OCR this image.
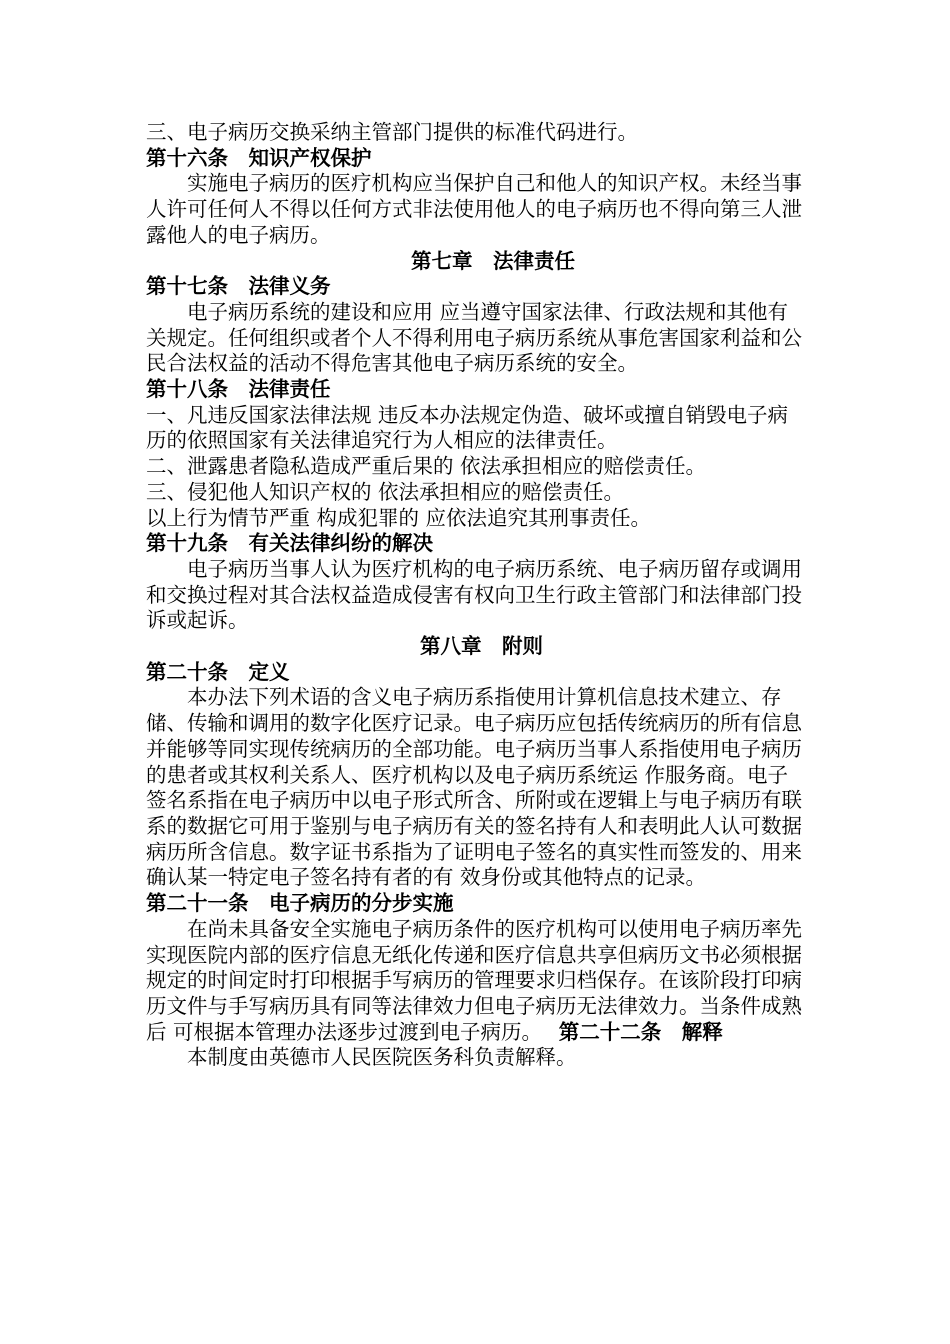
三、电子病历交换采纳主管部门提供的标准代码进行。

第十六条　知识产权保护

实施电子病历的医疗机构应当保护自己和他人的知识产权。未经当事人许可任何人不得以任何方式非法使用他人的电子病历也不得向第三人泄露他人的电子病历。

第七章　法律责任

第十七条　法律义务

电子病历系统的建设和应用 应当遵守国家法律、行政法规和其他有关规定。任何组织或者个人不得利用电子病历系统从事危害国家利益和公民合法权益的活动不得危害其他电子病历系统的安全。

第十八条　法律责任

一、凡违反国家法律法规 违反本办法规定伪造、破坏或擅自销毁电子病历的依照国家有关法律追究行为人相应的法律责任。

二、泄露患者隐私造成严重后果的 依法承担相应的赔偿责任。

三、侵犯他人知识产权的 依法承担相应的赔偿责任。

以上行为情节严重 构成犯罪的 应依法追究其刑事责任。

第十九条　有关法律纠纷的解决

电子病历当事人认为医疗机构的电子病历系统、电子病历留存或调用和交换过程对其合法权益造成侵害有权向卫生行政主管部门和法律部门投诉或起诉。

第八章　附则

第二十条　定义

本办法下列术语的含义电子病历系指使用计算机信息技术建立、存储、传输和调用的数字化医疗记录。电子病历应包括传统病历的所有信息并能够等同实现传统病历的全部功能。电子病历当事人系指使用电子病历的患者或其权利关系人、医疗机构以及电子病历系统运 作服务商。电子签名系指在电子病历中以电子形式所含、所附或在逻辑上与电子病历有联系的数据它可用于鉴别与电子病历有关的签名持有人和表明此人认可数据病历所含信息。数字证书系指为了证明电子签名的真实性而签发的、用来确认某一特定电子签名持有者的有 效身份或其他特点的记录。

第二十一条　电子病历的分步实施

在尚未具备安全实施电子病历条件的医疗机构可以使用电子病历率先实现医院内部的医疗信息无纸化传递和医疗信息共享但病历文书必须根据规定的时间定时打印根据手写病历的管理要求归档保存。在该阶段打印病历文件与手写病历具有同等法律效力但电子病历无法律效力。当条件成熟后 可根据本管理办法逐步过渡到电子病历。　 第二十二条　解释

本制度由英德市人民医院医务科负责解释。
